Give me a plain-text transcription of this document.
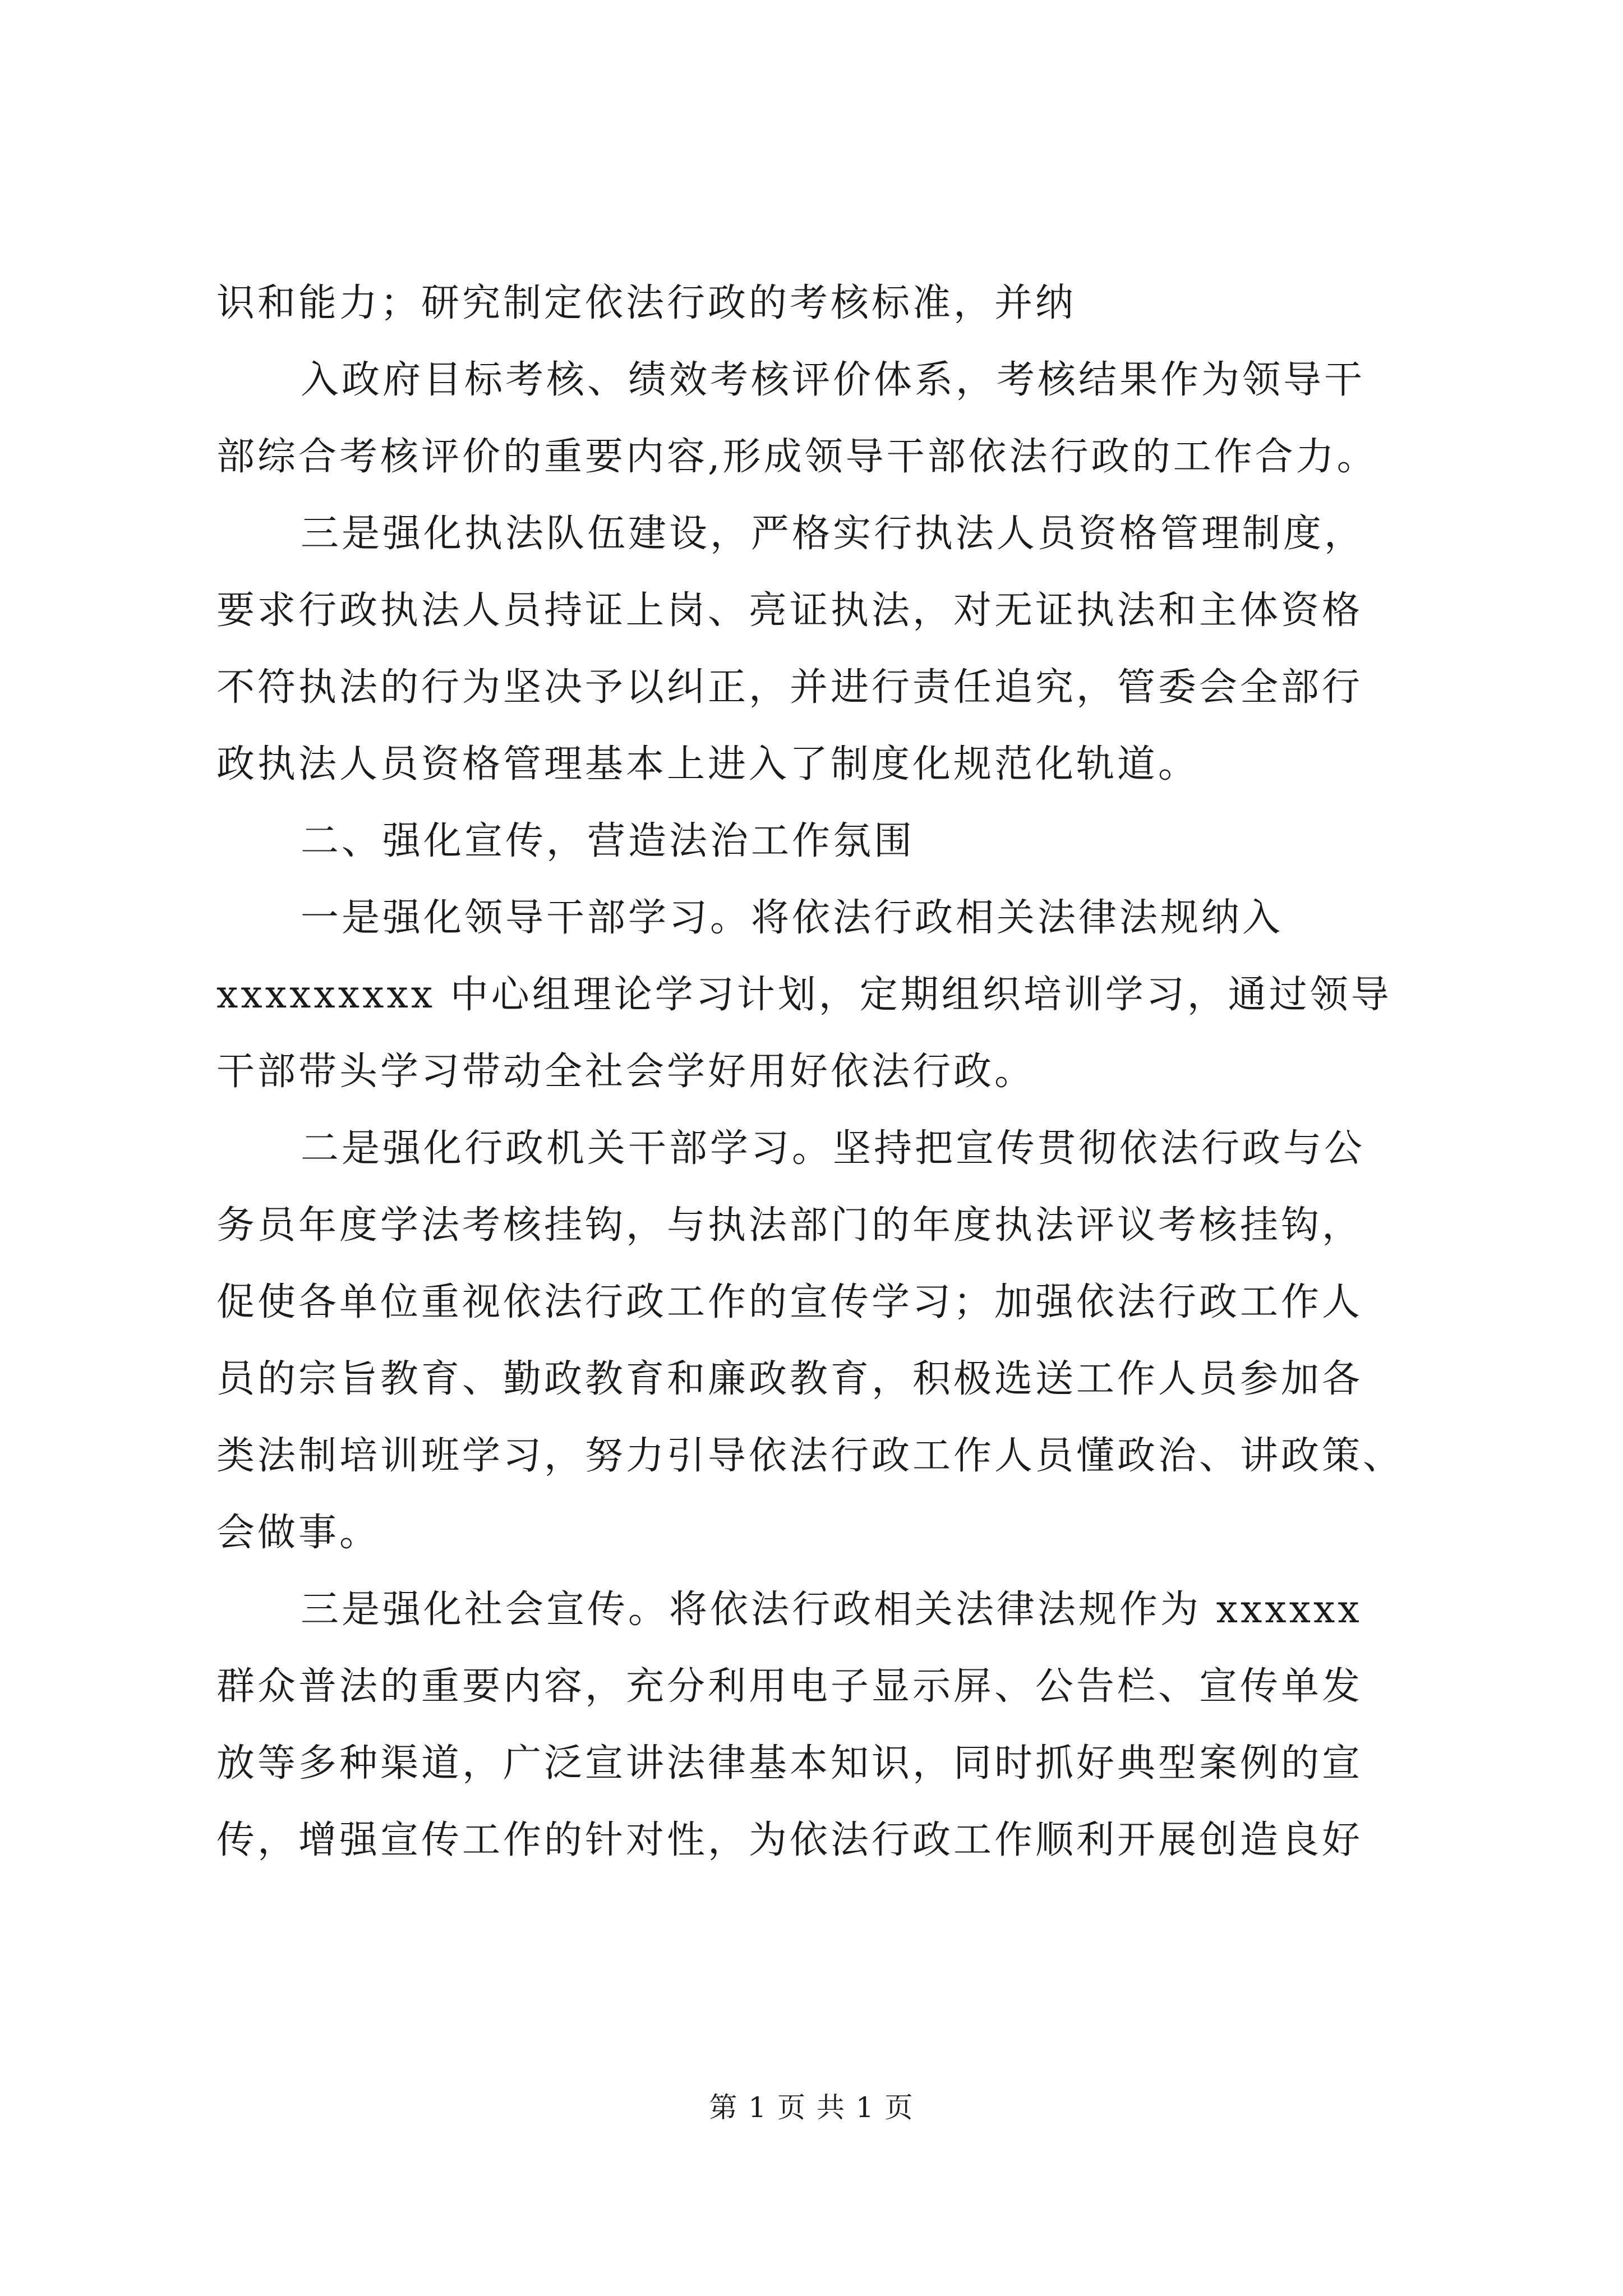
识和能力；研究制定依法行政的考核标准，并纳
入政府目标考核、绩效考核评价体系，考核结果作为领导干
部综合考核评价的重要内容,形成领导干部依法行政的工作合力。
三是强化执法队伍建设，严格实行执法人员资格管理制度，
要求行政执法人员持证上岗、亮证执法，对无证执法和主体资格
不符执法的行为坚决予以纠正，并进行责任追究，管委会全部行
政执法人员资格管理基本上进入了制度化规范化轨道。
二、强化宣传，营造法治工作氛围
一是强化领导干部学习。将依法行政相关法律法规纳入
xxxxxxxxx 中心组理论学习计划，定期组织培训学习，通过领导
干部带头学习带动全社会学好用好依法行政。
二是强化行政机关干部学习。坚持把宣传贯彻依法行政与公
务员年度学法考核挂钩，与执法部门的年度执法评议考核挂钩，
促使各单位重视依法行政工作的宣传学习；加强依法行政工作人
员的宗旨教育、勤政教育和廉政教育，积极选送工作人员参加各
类法制培训班学习，努力引导依法行政工作人员懂政治、讲政策、
会做事。
三是强化社会宣传。将依法行政相关法律法规作为 xxxxxx
群众普法的重要内容，充分利用电子显示屏、公告栏、宣传单发
放等多种渠道，广泛宣讲法律基本知识，同时抓好典型案例的宣
传，增强宣传工作的针对性，为依法行政工作顺利开展创造良好
第 1 页 共 1 页
